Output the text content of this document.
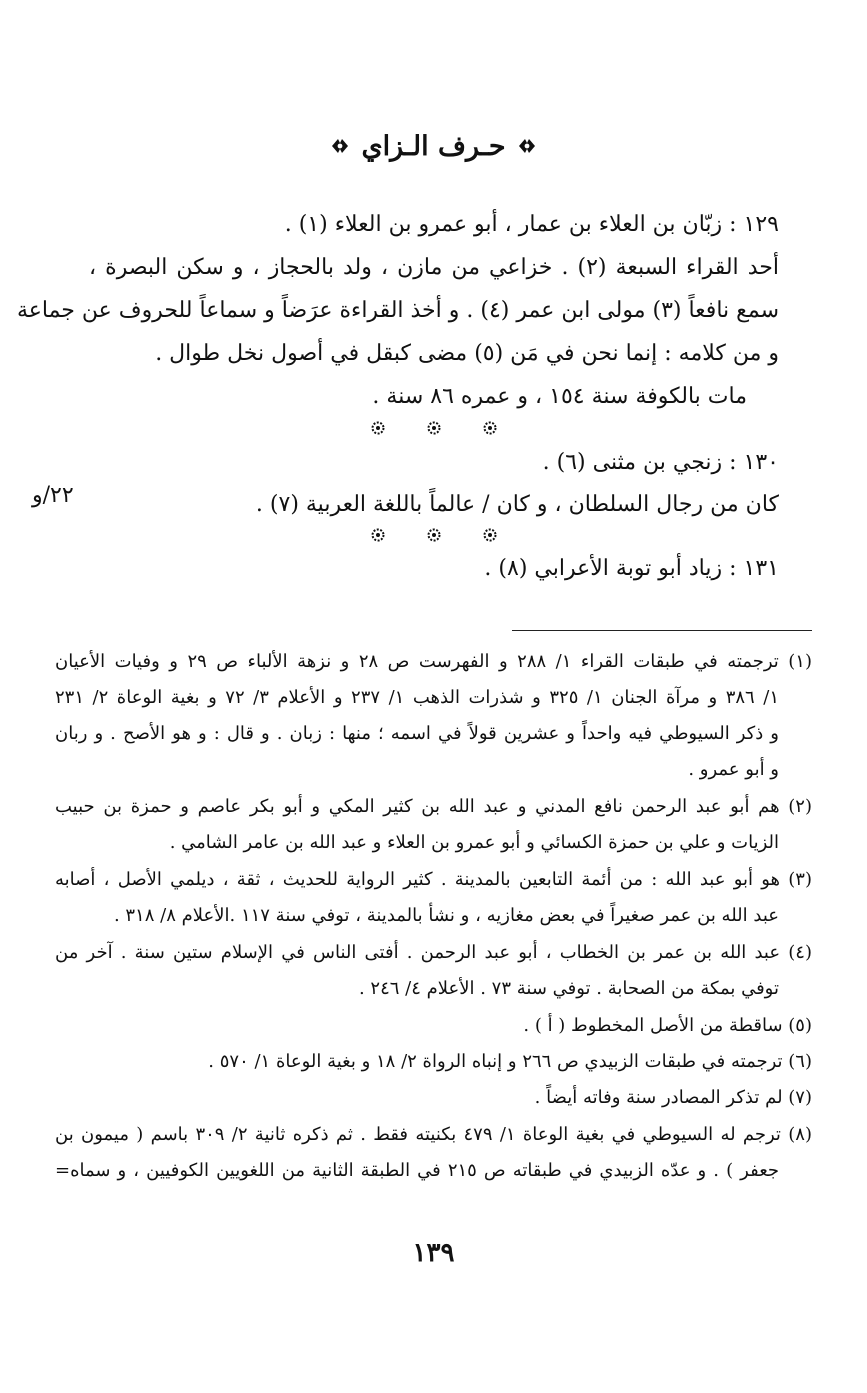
حـرف الـزاي
١٢٩ : زبّان بن العلاء بن عمار ، أبو عمرو بن العلاء (١) .
أحد القراء السبعة (٢) . خزاعي من مازن ، ولد بالحجاز ، و سكن البصرة ،
سمع نافعاً (٣) مولى ابن عمر (٤) . و أخذ القراءة عرَضاً و سماعاً للحروف عن جماعة
و من كلامه : إنما نحن في مَن (٥) مضى كبقل في أصول نخل طوال .
مات بالكوفة سنة ١٥٤ ، و عمره ٨٦ سنة .
١٣٠ : زنجي بن مثنى (٦) .
كان من رجال السلطان ، و كان / عالماً باللغة العربية (٧) .
٢٢/و
١٣١ : زياد أبو توبة الأعرابي (٨) .
(١) ترجمته في طبقات القراء ١/ ٢٨٨ و الفهرست ص ٢٨ و نزهة الألباء ص ٢٩ و وفيات الأعيان
١/ ٣٨٦ و مرآة الجنان ١/ ٣٢٥ و شذرات الذهب ١/ ٢٣٧ و الأعلام ٣/ ٧٢ و بغية الوعاة ٢/ ٢٣١
و ذكر السيوطي فيه واحداً و عشرين قولاً في اسمه ؛ منها : زبان . و قال : و هو الأصح . و ربان
و أبو عمرو .
(٢) هم أبو عبد الرحمن نافع المدني و عبد الله بن كثير المكي و أبو بكر عاصم و حمزة بن حبيب
الزيات و علي بن حمزة الكسائي و أبو عمرو بن العلاء و عبد الله بن عامر الشامي .
(٣) هو أبو عبد الله : من أئمة التابعين بالمدينة . كثير الرواية للحديث ، ثقة ، ديلمي الأصل ، أصابه
عبد الله بن عمر صغيراً في بعض مغازيه ، و نشأ بالمدينة ، توفي سنة ١١٧ .الأعلام ٨/ ٣١٨ .
(٤) عبد الله بن عمر بن الخطاب ، أبو عبد الرحمن . أفتى الناس في الإسلام ستين سنة . آخر من
توفي بمكة من الصحابة . توفي سنة ٧٣ . الأعلام ٤/ ٢٤٦ .
(٥) ساقطة من الأصل المخطوط ( أ ) .
(٦) ترجمته في طبقات الزبيدي ص ٢٦٦ و إنباه الرواة ٢/ ١٨ و بغية الوعاة ١/ ٥٧٠ .
(٧) لم تذكر المصادر سنة وفاته أيضاً .
(٨) ترجم له السيوطي في بغية الوعاة ١/ ٤٧٩ بكنيته فقط . ثم ذكره ثانية ٢/ ٣٠٩ باسم ( ميمون بن
جعفر ) . و عدّه الزبيدي في طبقاته ص ٢١٥ في الطبقة الثانية من اللغويين الكوفيين ، و سماه=
١٣٩
